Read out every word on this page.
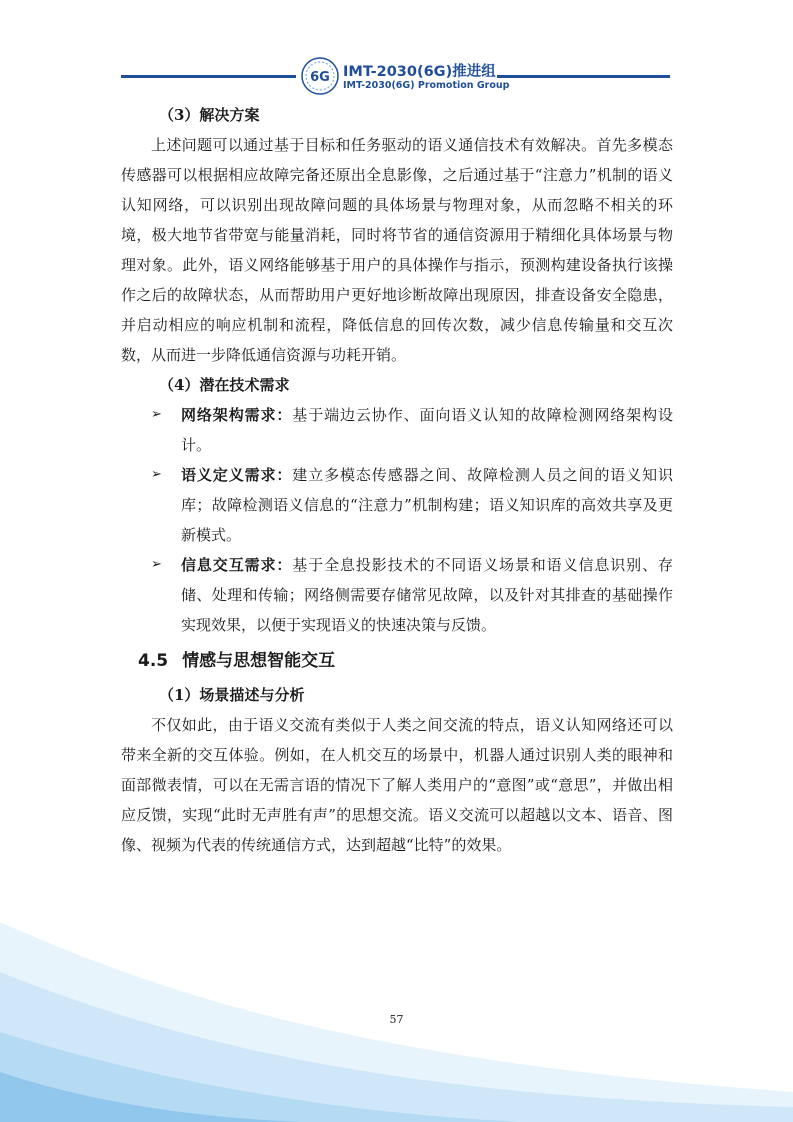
6G IMT-2030(6G)推进组
IMT-2030(6G) Promotion Group

（3）解决方案

上述问题可以通过基于目标和任务驱动的语义通信技术有效解决。首先多模态传感器可以根据相应故障完备还原出全息影像，之后通过基于“注意力”机制的语义认知网络，可以识别出现故障问题的具体场景与物理对象，从而忽略不相关的环境，极大地节省带宽与能量消耗，同时将节省的通信资源用于精细化具体场景与物理对象。此外，语义网络能够基于用户的具体操作与指示，预测构建设备执行该操作之后的故障状态，从而帮助用户更好地诊断故障出现原因，排查设备安全隐患，并启动相应的响应机制和流程，降低信息的回传次数，减少信息传输量和交互次数，从而进一步降低通信资源与功耗开销。

（4）潜在技术需求

➢ 网络架构需求：基于端边云协作、面向语义认知的故障检测网络架构设计。

➢ 语义定义需求：建立多模态传感器之间、故障检测人员之间的语义知识库；故障检测语义信息的“注意力”机制构建；语义知识库的高效共享及更新模式。

➢ 信息交互需求：基于全息投影技术的不同语义场景和语义信息识别、存储、处理和传输；网络侧需要存储常见故障，以及针对其排查的基础操作实现效果，以便于实现语义的快速决策与反馈。

4.5 情感与思想智能交互

（1）场景描述与分析

不仅如此，由于语义交流有类似于人类之间交流的特点，语义认知网络还可以带来全新的交互体验。例如，在人机交互的场景中，机器人通过识别人类的眼神和面部微表情，可以在无需言语的情况下了解人类用户的“意图”或“意思”，并做出相应反馈，实现“此时无声胜有声”的思想交流。语义交流可以超越以文本、语音、图像、视频为代表的传统通信方式，达到超越“比特”的效果。

57
